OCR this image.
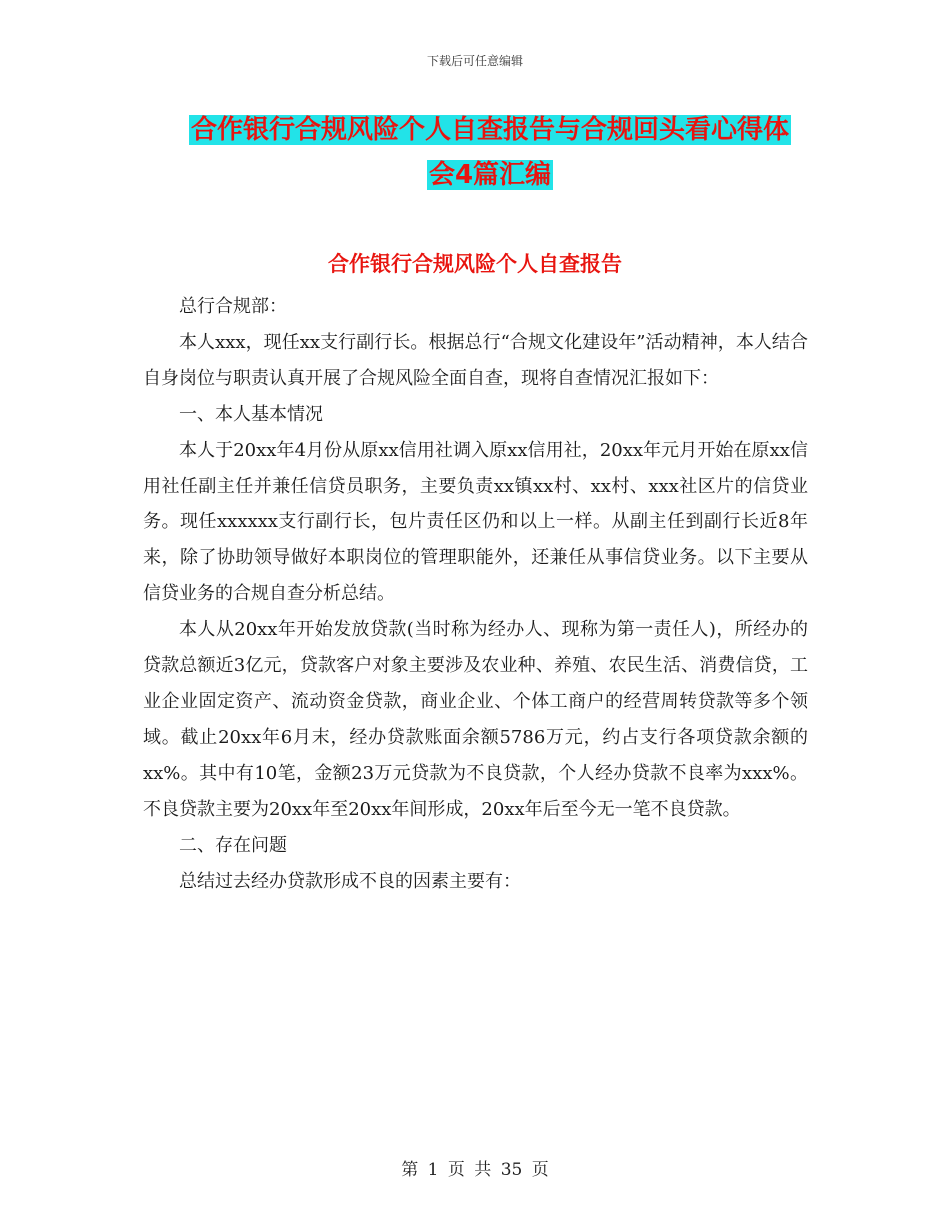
下载后可任意编辑
合作银行合规风险个人自查报告与合规回头看心得体
会4篇汇编
合作银行合规风险个人自查报告

总行合规部：

本人xxx，现任xx支行副行长。根据总行“合规文化建设年”活动精神，本人结合自身岗位与职责认真开展了合规风险全面自查，现将自查情况汇报如下：

一、本人基本情况

本人于20xx年4月份从原xx信用社调入原xx信用社，20xx年元月开始在原xx信用社任副主任并兼任信贷员职务，主要负责xx镇xx村、xx村、xxx社区片的信贷业务。现任xxxxxx支行副行长，包片责任区仍和以上一样。从副主任到副行长近8年来，除了协助领导做好本职岗位的管理职能外，还兼任从事信贷业务。以下主要从信贷业务的合规自查分析总结。

本人从20xx年开始发放贷款(当时称为经办人、现称为第一责任人)，所经办的贷款总额近3亿元，贷款客户对象主要涉及农业种、养殖、农民生活、消费信贷，工业企业固定资产、流动资金贷款，商业企业、个体工商户的经营周转贷款等多个领域。截止20xx年6月末，经办贷款账面余额5786万元，约占支行各项贷款余额的xx%。其中有10笔，金额23万元贷款为不良贷款，个人经办贷款不良率为xxx%。不良贷款主要为20xx年至20xx年间形成，20xx年后至今无一笔不良贷款。

二、存在问题

总结过去经办贷款形成不良的因素主要有：

第 1 页 共 35 页
